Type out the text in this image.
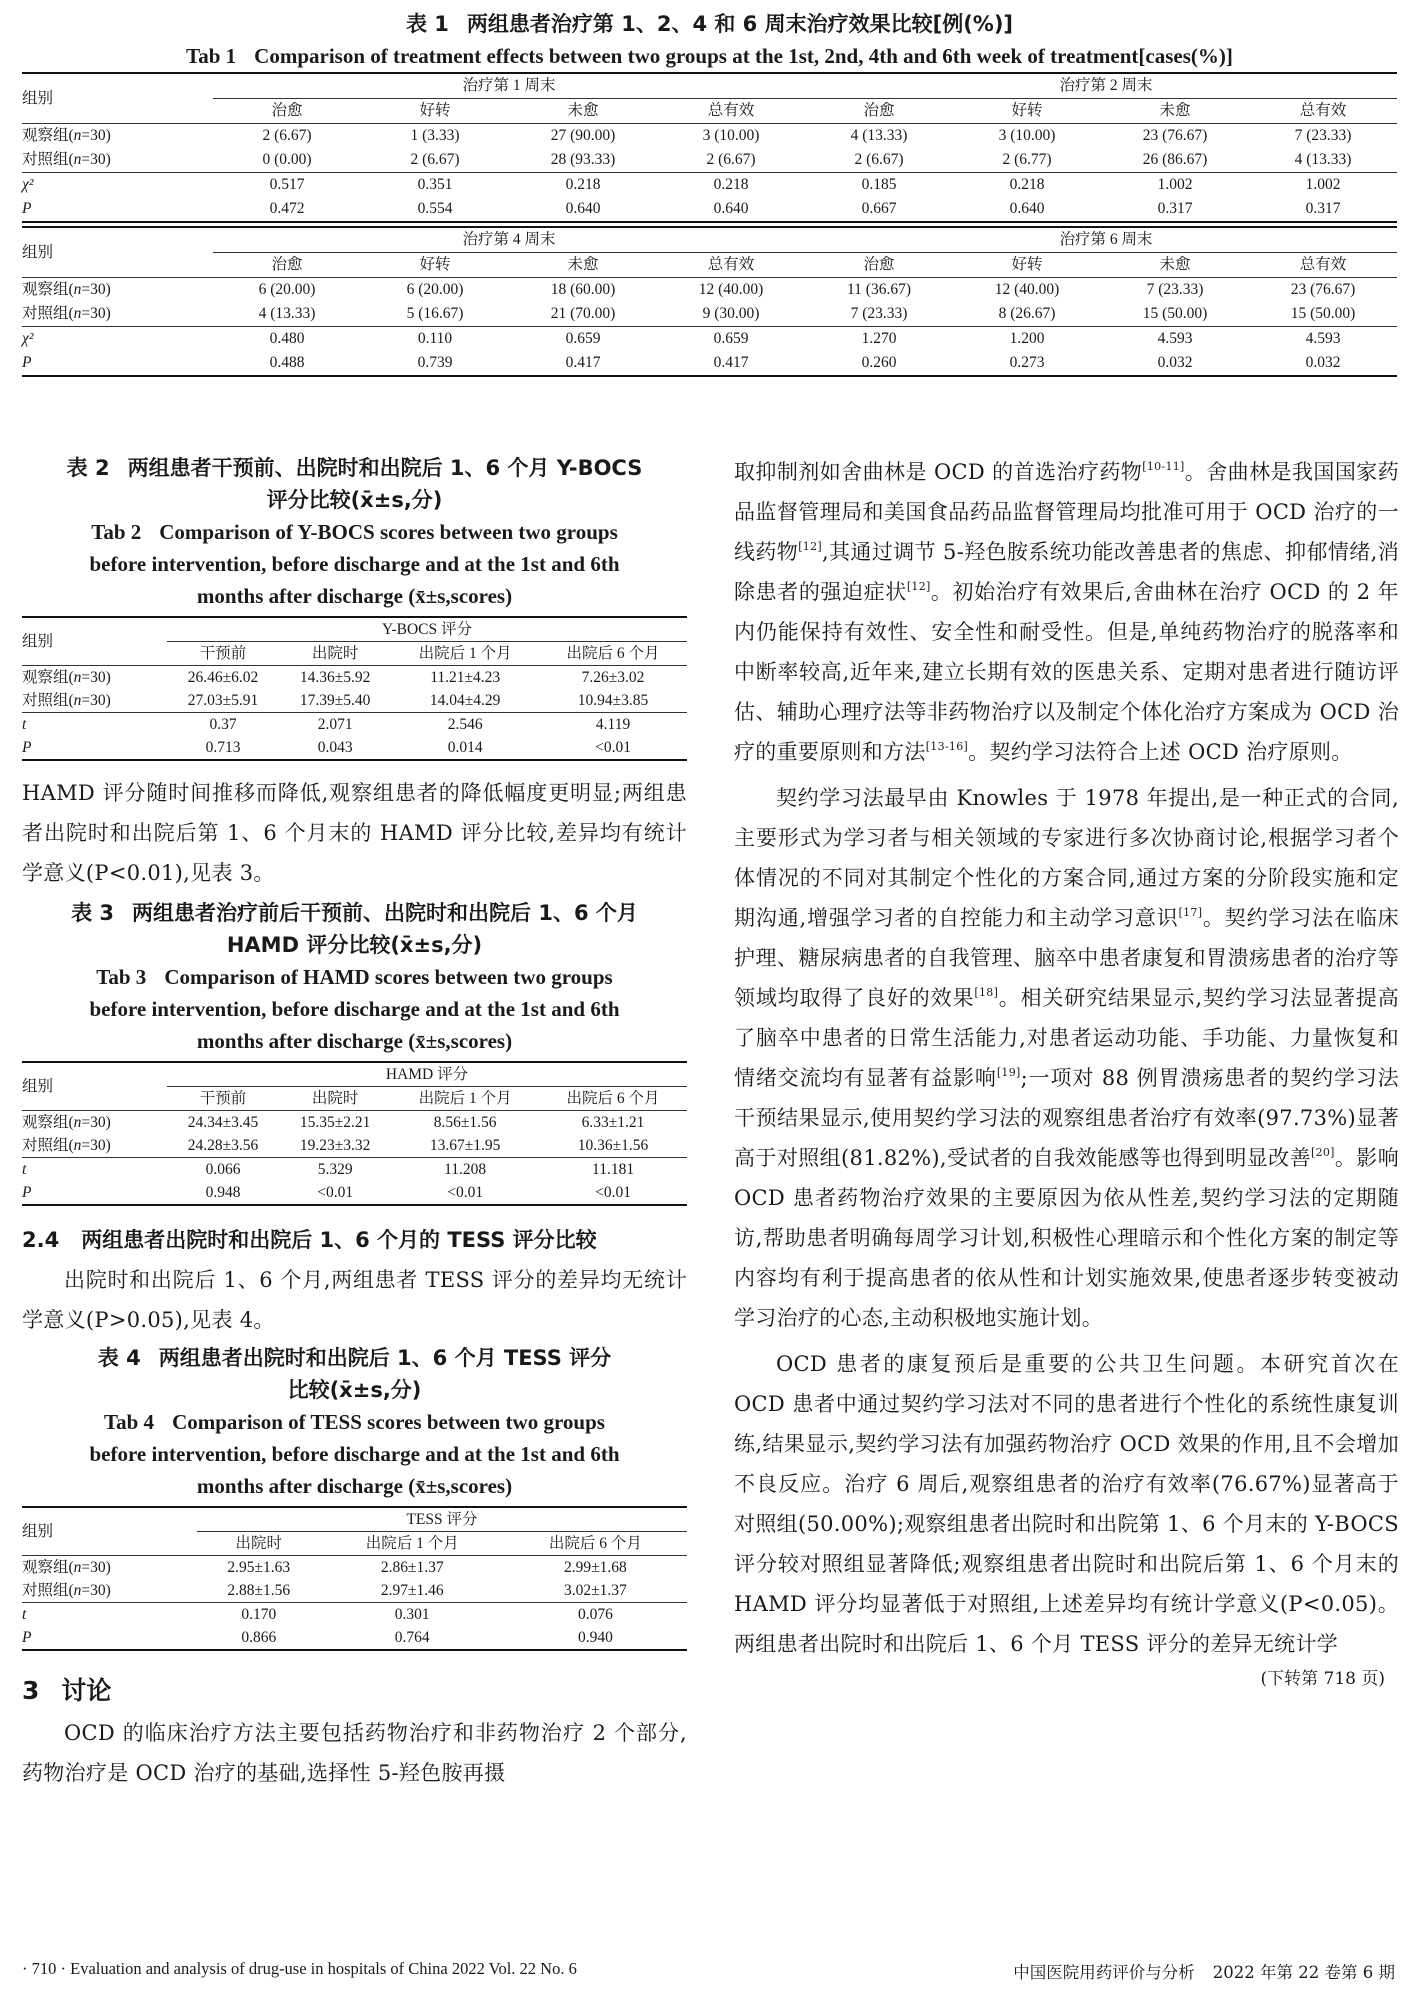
表 1 两组患者治疗第 1、2、4 和 6 周末治疗效果比较[例(%)]
Tab 1 Comparison of treatment effects between two groups at the 1st, 2nd, 4th and 6th week of treatment[cases(%)]
组别	治疗第 1 周末				治疗第 2 周末			
	治愈	好转	未愈	总有效	治愈	好转	未愈	总有效
观察组(n=30)	2 (6.67)	1 (3.33)	27 (90.00)	3 (10.00)	4 (13.33)	3 (10.00)	23 (76.67)	7 (23.33)
对照组(n=30)	0 (0.00)	2 (6.67)	28 (93.33)	2 (6.67)	2 (6.67)	2 (6.77)	26 (86.67)	4 (13.33)
χ²	0.517	0.351	0.218	0.218	0.185	0.218	1.002	1.002
P	0.472	0.554	0.640	0.640	0.667	0.640	0.317	0.317

组别	治疗第 4 周末				治疗第 6 周末			
	治愈	好转	未愈	总有效	治愈	好转	未愈	总有效
观察组(n=30)	6 (20.00)	6 (20.00)	18 (60.00)	12 (40.00)	11 (36.67)	12 (40.00)	7 (23.33)	23 (76.67)
对照组(n=30)	4 (13.33)	5 (16.67)	21 (70.00)	9 (30.00)	7 (23.33)	8 (26.67)	15 (50.00)	15 (50.00)
χ²	0.480	0.110	0.659	0.659	1.270	1.200	4.593	4.593
P	0.488	0.739	0.417	0.417	0.260	0.273	0.032	0.032
表 2 两组患者干预前、出院时和出院后 1、6 个月 Y-BOCS
评分比较(x̄±s,分)
Tab 2 Comparison of Y-BOCS scores between two groups
before intervention, before discharge and at the 1st and 6th
months after discharge (x̄±s,scores)
组别	Y-BOCS 评分			
	干预前	出院时	出院后 1 个月	出院后 6 个月
观察组(n=30)	26.46±6.02	14.36±5.92	11.21±4.23	7.26±3.02
对照组(n=30)	27.03±5.91	17.39±5.40	14.04±4.29	10.94±3.85
t	0.37	2.071	2.546	4.119
P	0.713	0.043	0.014	<0.01

HAMD 评分随时间推移而降低,观察组患者的降低幅度更明显;两组患者出院时和出院后第 1、6 个月末的 HAMD 评分比较,差异均有统计学意义(P<0.01),见表 3。

表 3 两组患者治疗前后干预前、出院时和出院后 1、6 个月
HAMD 评分比较(x̄±s,分)
Tab 3 Comparison of HAMD scores between two groups
before intervention, before discharge and at the 1st and 6th
months after discharge (x̄±s,scores)
组别	HAMD 评分			
	干预前	出院时	出院后 1 个月	出院后 6 个月
观察组(n=30)	24.34±3.45	15.35±2.21	8.56±1.56	6.33±1.21
对照组(n=30)	24.28±3.56	19.23±3.32	13.67±1.95	10.36±1.56
t	0.066	5.329	11.208	11.181
P	0.948	<0.01	<0.01	<0.01
2.4 两组患者出院时和出院后 1、6 个月的 TESS 评分比较

出院时和出院后 1、6 个月,两组患者 TESS 评分的差异均无统计学意义(P>0.05),见表 4。

表 4 两组患者出院时和出院后 1、6 个月 TESS 评分
比较(x̄±s,分)
Tab 4 Comparison of TESS scores between two groups
before intervention, before discharge and at the 1st and 6th
months after discharge (x̄±s,scores)
组别	TESS 评分		
	出院时	出院后 1 个月	出院后 6 个月
观察组(n=30)	2.95±1.63	2.86±1.37	2.99±1.68
对照组(n=30)	2.88±1.56	2.97±1.46	3.02±1.37
t	0.170	0.301	0.076
P	0.866	0.764	0.940
3 讨论

OCD 的临床治疗方法主要包括药物治疗和非药物治疗 2 个部分,药物治疗是 OCD 治疗的基础,选择性 5-羟色胺再摄

取抑制剂如舍曲林是 OCD 的首选治疗药物[10-11]。舍曲林是我国国家药品监督管理局和美国食品药品监督管理局均批准可用于 OCD 治疗的一线药物[12],其通过调节 5-羟色胺系统功能改善患者的焦虑、抑郁情绪,消除患者的强迫症状[12]。初始治疗有效果后,舍曲林在治疗 OCD 的 2 年内仍能保持有效性、安全性和耐受性。但是,单纯药物治疗的脱落率和中断率较高,近年来,建立长期有效的医患关系、定期对患者进行随访评估、辅助心理疗法等非药物治疗以及制定个体化治疗方案成为 OCD 治疗的重要原则和方法[13-16]。契约学习法符合上述 OCD 治疗原则。

契约学习法最早由 Knowles 于 1978 年提出,是一种正式的合同,主要形式为学习者与相关领域的专家进行多次协商讨论,根据学习者个体情况的不同对其制定个性化的方案合同,通过方案的分阶段实施和定期沟通,增强学习者的自控能力和主动学习意识[17]。契约学习法在临床护理、糖尿病患者的自我管理、脑卒中患者康复和胃溃疡患者的治疗等领域均取得了良好的效果[18]。相关研究结果显示,契约学习法显著提高了脑卒中患者的日常生活能力,对患者运动功能、手功能、力量恢复和情绪交流均有显著有益影响[19];一项对 88 例胃溃疡患者的契约学习法干预结果显示,使用契约学习法的观察组患者治疗有效率(97.73%)显著高于对照组(81.82%),受试者的自我效能感等也得到明显改善[20]。影响 OCD 患者药物治疗效果的主要原因为依从性差,契约学习法的定期随访,帮助患者明确每周学习计划,积极性心理暗示和个性化方案的制定等内容均有利于提高患者的依从性和计划实施效果,使患者逐步转变被动学习治疗的心态,主动积极地实施计划。

OCD 患者的康复预后是重要的公共卫生问题。本研究首次在 OCD 患者中通过契约学习法对不同的患者进行个性化的系统性康复训练,结果显示,契约学习法有加强药物治疗 OCD 效果的作用,且不会增加不良反应。治疗 6 周后,观察组患者的治疗有效率(76.67%)显著高于对照组(50.00%);观察组患者出院时和出院第 1、6 个月末的 Y-BOCS 评分较对照组显著降低;观察组患者出院时和出院后第 1、6 个月末的 HAMD 评分均显著低于对照组,上述差异均有统计学意义(P<0.05)。两组患者出院时和出院后 1、6 个月 TESS 评分的差异无统计学

(下转第 718 页)
· 710 · Evaluation and analysis of drug-use in hospitals of China 2022 Vol. 22 No. 6	中国医院用药评价与分析 2022 年第 22 卷第 6 期
